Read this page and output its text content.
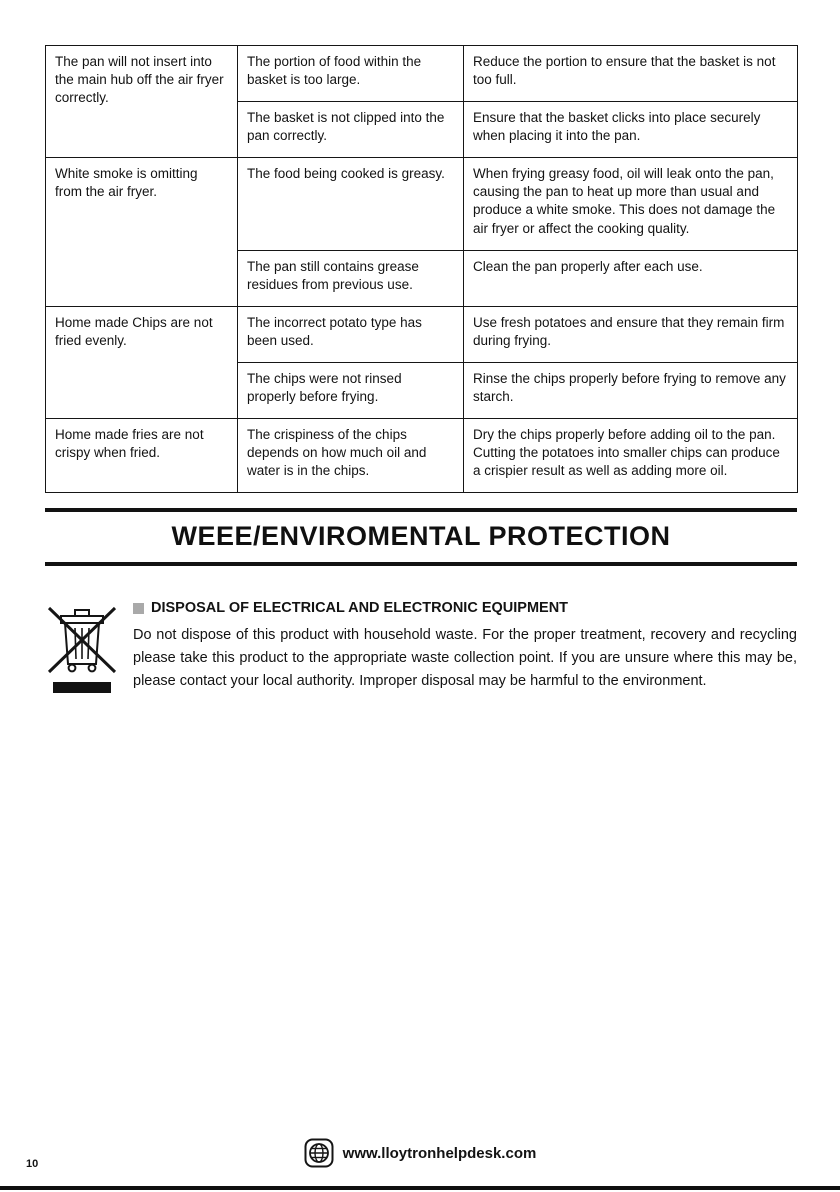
The pan will not insert into the main hub off the air fryer correctly.	The portion of food within the basket is too large.	Reduce the portion to ensure that the basket is not too full.
	The basket is not clipped into the pan correctly.	Ensure that the basket clicks into place securely when placing it into the pan.
White smoke is omitting from the air fryer.	The food being cooked is greasy.	When frying greasy food, oil will leak onto the pan, causing the pan to heat up more than usual and produce a white smoke. This does not damage the air fryer or affect the cooking quality.
	The pan still contains grease residues from previous use.	Clean the pan properly after each use.
Home made Chips are not fried evenly.	The incorrect potato type has been used.	Use fresh potatoes and ensure that they remain firm during frying.
	The chips were not rinsed properly before frying.	Rinse the chips properly before frying to remove any starch.
Home made fries are not crispy when fried.	The crispiness of the chips depends on how much oil and water is in the chips.	Dry the chips properly before adding oil to the pan. Cutting the potatoes into smaller chips can produce a crispier result as well as adding more oil.
WEEE/ENVIROMENTAL PROTECTION
DISPOSAL OF ELECTRICAL AND ELECTRONIC EQUIPMENT

Do not dispose of this product with household waste. For the proper treatment, recovery and recycling please take this product to the appropriate waste collection point. If you are unsure where this may be, please contact your local authority. Improper disposal may be harmful to the environment.

www.lloytronhelpdesk.com
10
